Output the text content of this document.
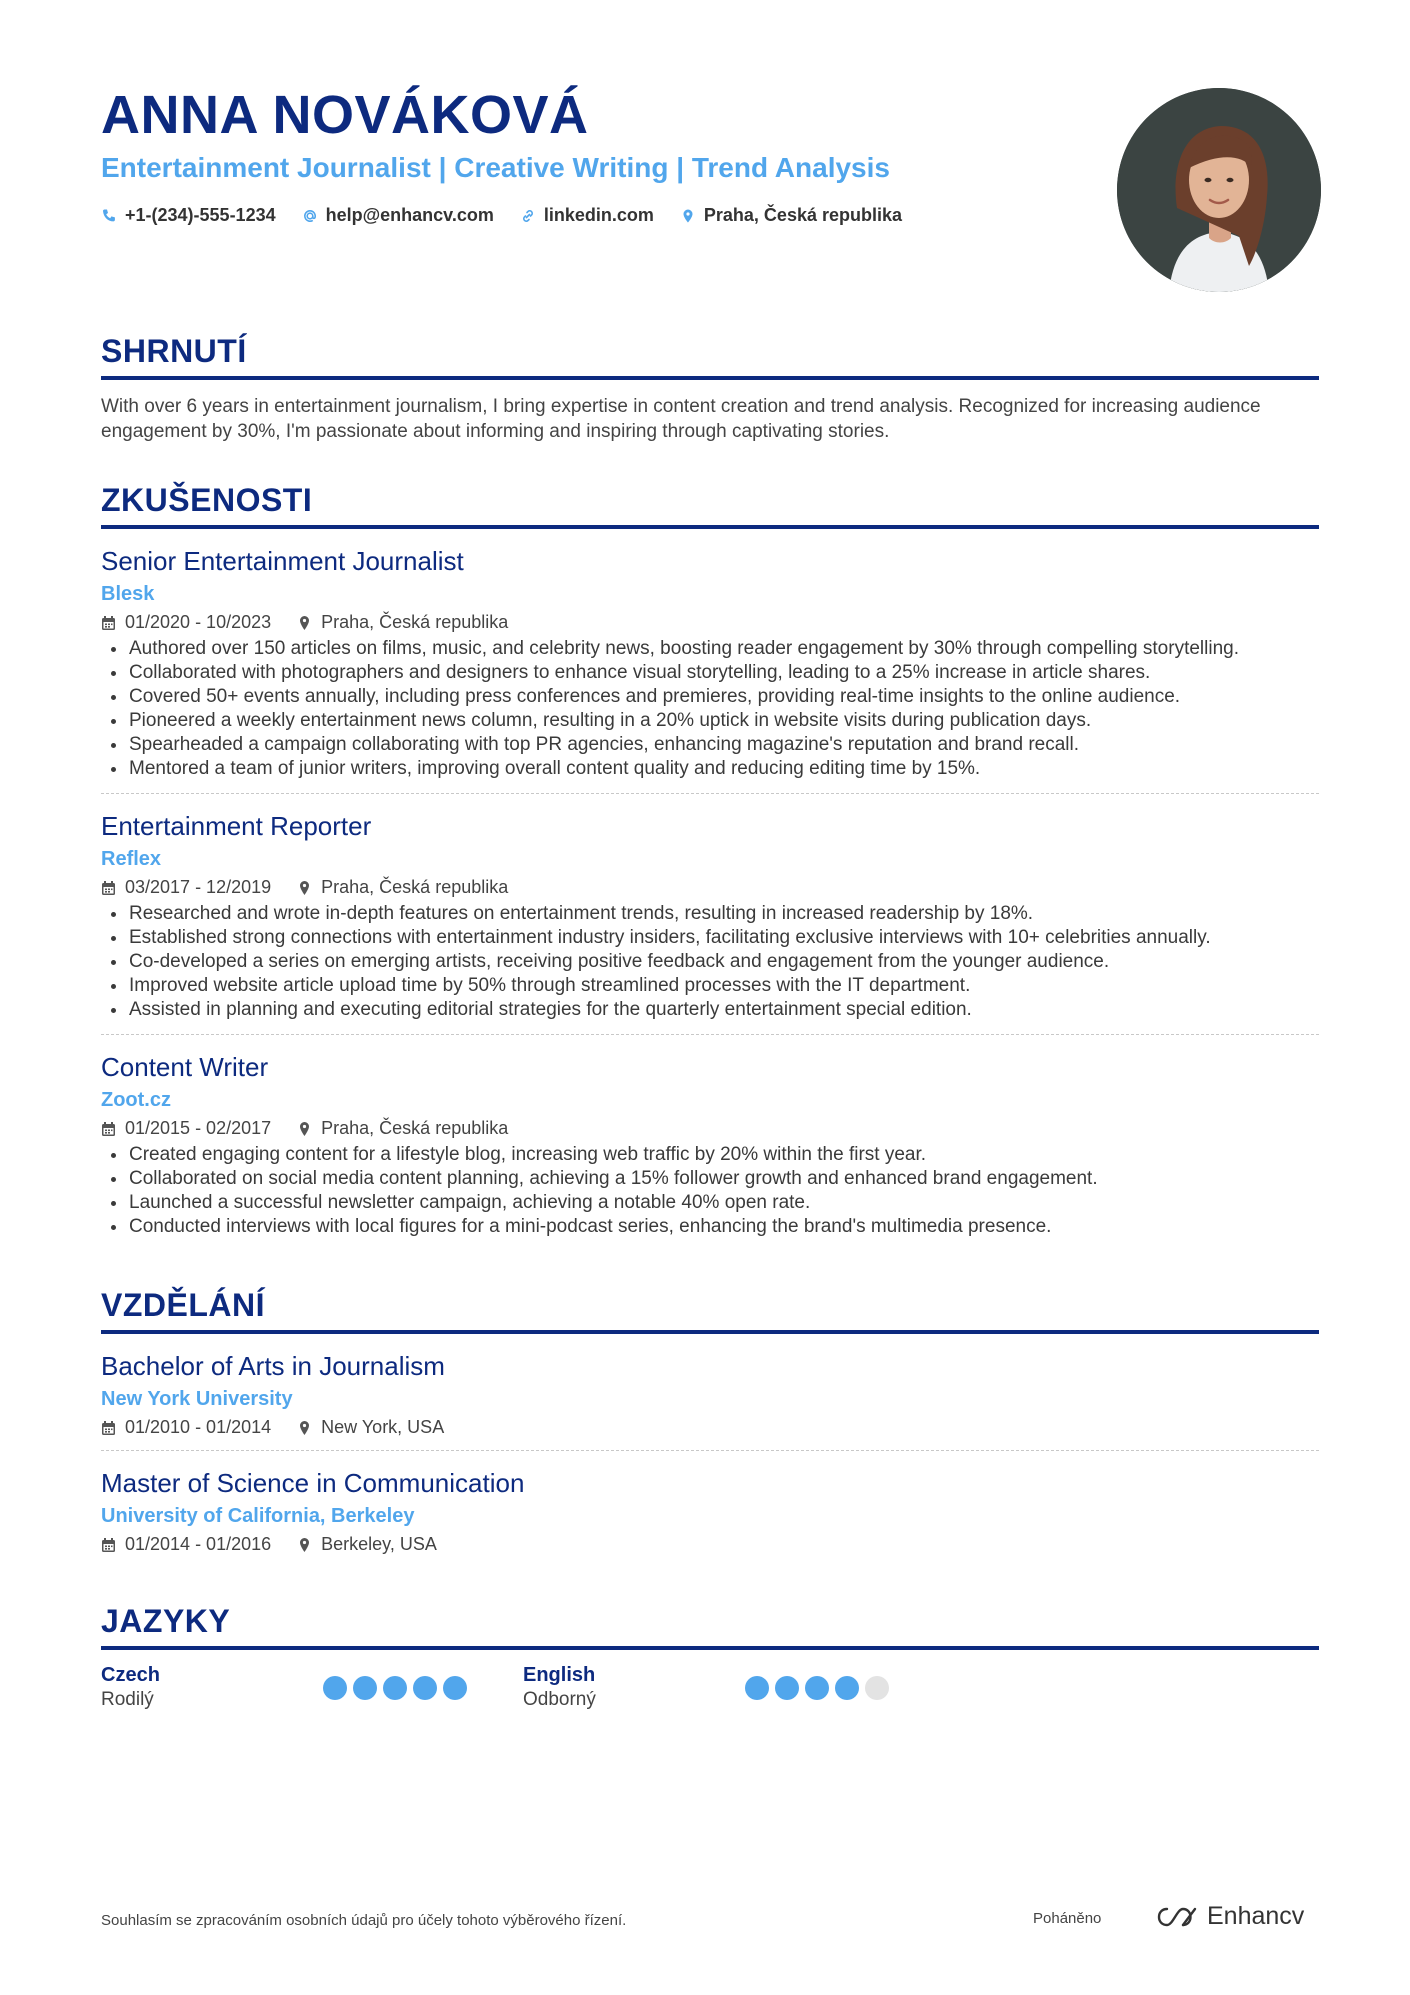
ANNA NOVÁKOVÁ
Entertainment Journalist | Creative Writing | Trend Analysis
+1-(234)-555-1234	help@enhancv.com	linkedin.com	Praha, Česká republika
SHRNUTÍ
With over 6 years in entertainment journalism, I bring expertise in content creation and trend analysis. Recognized for increasing audience engagement by 30%, I'm passionate about informing and inspiring through captivating stories.
ZKUŠENOSTI
Senior Entertainment Journalist
Blesk
01/2020 - 10/2023	Praha, Česká republika
Authored over 150 articles on films, music, and celebrity news, boosting reader engagement by 30% through compelling storytelling.
Collaborated with photographers and designers to enhance visual storytelling, leading to a 25% increase in article shares.
Covered 50+ events annually, including press conferences and premieres, providing real-time insights to the online audience.
Pioneered a weekly entertainment news column, resulting in a 20% uptick in website visits during publication days.
Spearheaded a campaign collaborating with top PR agencies, enhancing magazine's reputation and brand recall.
Mentored a team of junior writers, improving overall content quality and reducing editing time by 15%.
Entertainment Reporter
Reflex
03/2017 - 12/2019	Praha, Česká republika
Researched and wrote in-depth features on entertainment trends, resulting in increased readership by 18%.
Established strong connections with entertainment industry insiders, facilitating exclusive interviews with 10+ celebrities annually.
Co-developed a series on emerging artists, receiving positive feedback and engagement from the younger audience.
Improved website article upload time by 50% through streamlined processes with the IT department.
Assisted in planning and executing editorial strategies for the quarterly entertainment special edition.
Content Writer
Zoot.cz
01/2015 - 02/2017	Praha, Česká republika
Created engaging content for a lifestyle blog, increasing web traffic by 20% within the first year.
Collaborated on social media content planning, achieving a 15% follower growth and enhanced brand engagement.
Launched a successful newsletter campaign, achieving a notable 40% open rate.
Conducted interviews with local figures for a mini-podcast series, enhancing the brand's multimedia presence.
VZDĚLÁNÍ
Bachelor of Arts in Journalism
New York University
01/2010 - 01/2014	New York, USA
Master of Science in Communication
University of California, Berkeley
01/2014 - 01/2016	Berkeley, USA
JAZYKY
Czech
Rodilý
English
Odborný
Souhlasím se zpracováním osobních údajů pro účely tohoto výběrového řízení.	Poháněno	Enhancv
